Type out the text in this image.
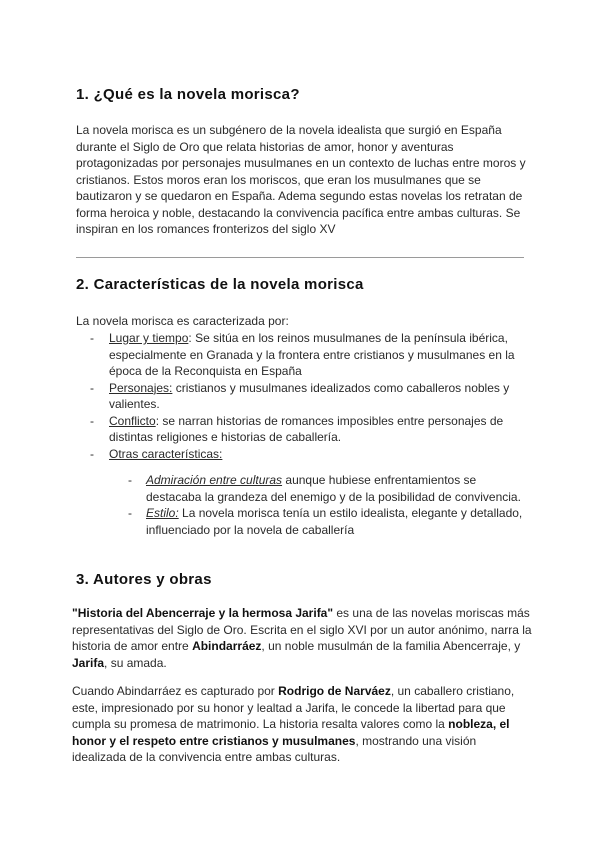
1. ¿Qué es la novela morisca?

La novela morisca es un subgénero de la novela idealista que surgió en España durante el Siglo de Oro que relata historias de amor, honor y aventuras protagonizadas por personajes musulmanes en un contexto de luchas entre moros y cristianos. Estos moros eran los moriscos, que eran los musulmanes que se bautizaron y se quedaron en España. Adema segundo estas novelas los retratan de forma heroica y noble, destacando la convivencia pacífica entre ambas culturas. Se inspiran en los romances fronterizos del siglo XV

2. Características de la novela morisca

La novela morisca es caracterizada por:

- Lugar y tiempo: Se sitúa en los reinos musulmanes de la península ibérica, especialmente en Granada y la frontera entre cristianos y musulmanes en la época de la Reconquista en España
- Personajes: cristianos y musulmanes idealizados como caballeros nobles y valientes.
- Conflicto: se narran historias de romances imposibles entre personajes de distintas religiones e historias de caballería.
- Otras características:
- Admiración entre culturas aunque hubiese enfrentamientos se destacaba la grandeza del enemigo y de la posibilidad de convivencia.
- Estilo: La novela morisca tenía un estilo idealista, elegante y detallado, influenciado por la novela de caballería
3. Autores y obras

"Historia del Abencerraje y la hermosa Jarifa" es una de las novelas moriscas más representativas del Siglo de Oro. Escrita en el siglo XVI por un autor anónimo, narra la historia de amor entre Abindarráez, un noble musulmán de la familia Abencerraje, y Jarifa, su amada.

Cuando Abindarráez es capturado por Rodrigo de Narváez, un caballero cristiano, este, impresionado por su honor y lealtad a Jarifa, le concede la libertad para que cumpla su promesa de matrimonio. La historia resalta valores como la nobleza, el honor y el respeto entre cristianos y musulmanes, mostrando una visión idealizada de la convivencia entre ambas culturas.
